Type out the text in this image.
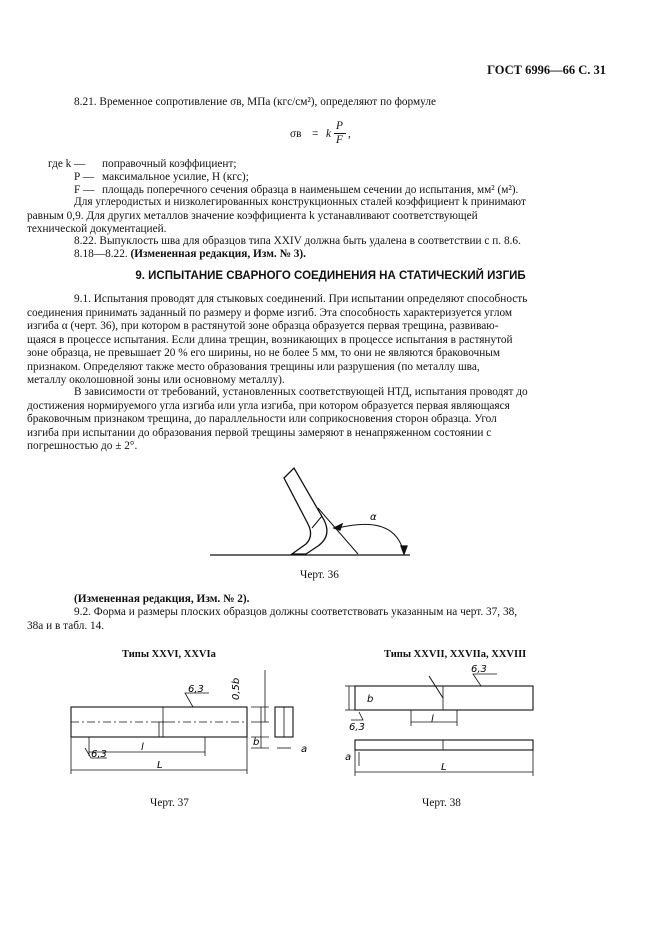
ГОСТ 6996—66 С. 31
8.21. Временное сопротивление σв, МПа (кгс/см²), определяют по формуле
σв = k
P
F ,
где k — поправочный коэффициент;
P — максимальное усилие, Н (кгс);
F — площадь поперечного сечения образца в наименьшем сечении до испытания, мм² (м²).
Для углеродистых и низколегированных конструкционных сталей коэффициент k принимают
равным 0,9. Для других металлов значение коэффициента k устанавливают соответствующей
технической документацией.
8.22. Выпуклость шва для образцов типа XXIV должна быть удалена в соответствии с п. 8.6.
8.18—8.22. (Измененная редакция, Изм. № 3).
9. ИСПЫТАНИЕ СВАРНОГО СОЕДИНЕНИЯ НА СТАТИЧЕСКИЙ ИЗГИБ
9.1. Испытания проводят для стыковых соединений. При испытании определяют способность
соединения принимать заданный по размеру и форме изгиб. Эта способность характеризуется углом
изгиба α (черт. 36), при котором в растянутой зоне образца образуется первая трещина, развиваю-
щаяся в процессе испытания. Если длина трещин, возникающих в процессе испытания в растянутой
зоне образца, не превышает 20 % его ширины, но не более 5 мм, то они не являются браковочным
признаком. Определяют также место образования трещины или разрушения (по металлу шва,
металлу околошовной зоны или основному металлу).
В зависимости от требований, установленных соответствующей НТД, испытания проводят до
достижения нормируемого угла изгиба или угла изгиба, при котором образуется первая являющаяся
браковочным признаком трещина, до параллельности или соприкосновения сторон образца. Угол
изгиба при испытании до образования первой трещины замеряют в ненапряженном состоянии с
погрешностью до ± 2°.
α
Черт. 36
(Измененная редакция, Изм. № 2).
9.2. Форма и размеры плоских образцов должны соответствовать указанным на черт. 37, 38,
38а и в табл. 14.
Типы XXVI, XXVIa
6,3
6,3
l
L
b
0,5b
a
Черт. 37
Типы XXVII, XXVIIa, XXVIII
6,3
6,3
l
L
b
a
Черт. 38
